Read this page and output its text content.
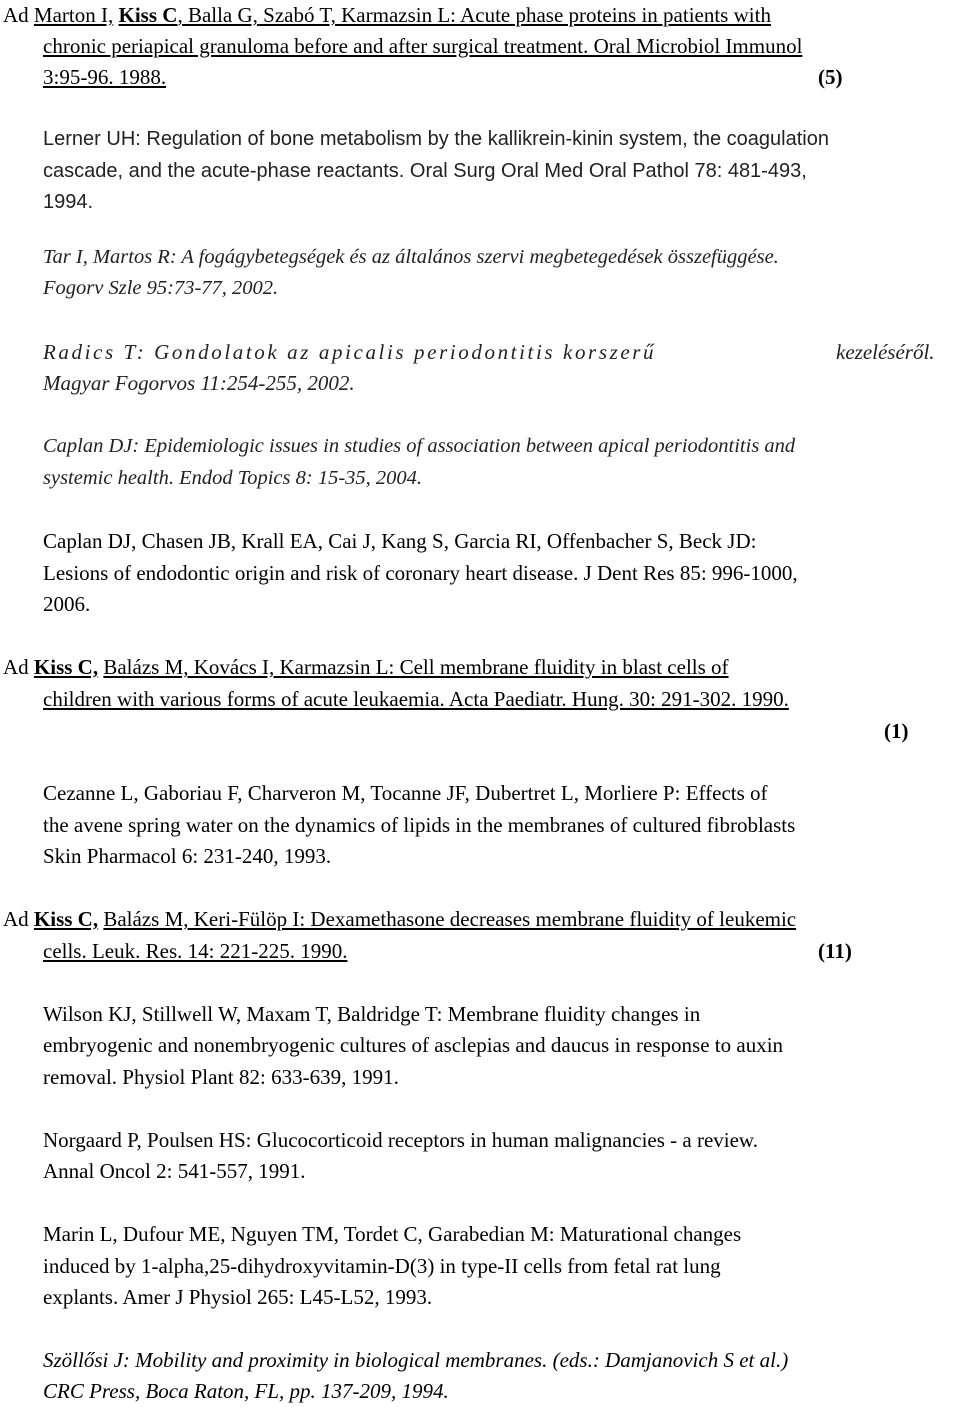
Ad Marton I, Kiss C, Balla G, Szabó T, Karmazsin L: Acute phase proteins in patients with
chronic periapical granuloma before and after surgical treatment. Oral Microbiol Immunol
3:95-96. 1988.	(5)
Lerner UH: Regulation of bone metabolism by the kallikrein-kinin system, the coagulation
cascade, and the acute-phase reactants. Oral Surg Oral Med Oral Pathol 78: 481-493,
1994.
Tar I, Martos R: A fogágybetegségek és az általános szervi megbetegedések összefüggése.
Fogorv Szle 95:73-77, 2002.
Radics T: Gondolatok az apicalis periodontitis korszerű	kezeléséről.
Magyar Fogorvos 11:254-255, 2002.
Caplan DJ: Epidemiologic issues in studies of association between apical periodontitis and
systemic health. Endod Topics 8: 15-35, 2004.
Caplan DJ, Chasen JB, Krall EA, Cai J, Kang S, Garcia RI, Offenbacher S, Beck JD:
Lesions of endodontic origin and risk of coronary heart disease. J Dent Res 85: 996-1000,
2006.
Ad Kiss C, Balázs M, Kovács I, Karmazsin L: Cell membrane fluidity in blast cells of
children with various forms of acute leukaemia. Acta Paediatr. Hung. 30: 291-302. 1990.
(1)
Cezanne L, Gaboriau F, Charveron M, Tocanne JF, Dubertret L, Morliere P: Effects of
the avene spring water on the dynamics of lipids in the membranes of cultured fibroblasts
Skin Pharmacol 6: 231-240, 1993.
Ad Kiss C, Balázs M, Keri-Fülöp I: Dexamethasone decreases membrane fluidity of leukemic
cells. Leuk. Res. 14: 221-225. 1990.	(11)
Wilson KJ, Stillwell W, Maxam T, Baldridge T: Membrane fluidity changes in
embryogenic and nonembryogenic cultures of asclepias and daucus in response to auxin
removal. Physiol Plant 82: 633-639, 1991.
Norgaard P, Poulsen HS: Glucocorticoid receptors in human malignancies - a review.
Annal Oncol 2: 541-557, 1991.
Marin L, Dufour ME, Nguyen TM, Tordet C, Garabedian M: Maturational changes
induced by 1-alpha,25-dihydroxyvitamin-D(3) in type-II cells from fetal rat lung
explants. Amer J Physiol 265: L45-L52, 1993.
Szöllősi J: Mobility and proximity in biological membranes. (eds.: Damjanovich S et al.)
CRC Press, Boca Raton, FL, pp. 137-209, 1994.
